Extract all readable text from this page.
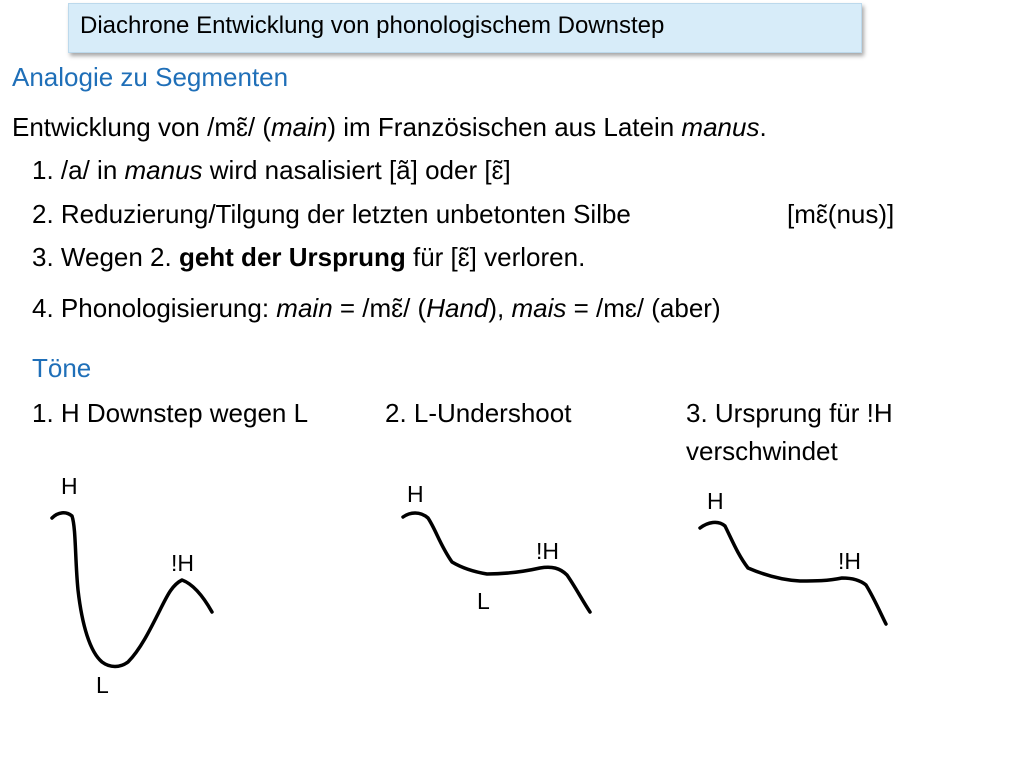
Diachrone Entwicklung von phonologischem Downstep
Analogie zu Segmenten
Entwicklung von /mɛ̃/ (main) im Französischen aus Latein manus.
1. /a/ in manus wird nasalisiert [ã] oder [ɛ̃]
2. Reduzierung/Tilgung der letzten unbetonten Silbe	[mɛ̃(nus)]
3. Wegen 2. geht der Ursprung für [ɛ̃] verloren.
4. Phonologisierung: main = /mɛ̃/ (Hand), mais = /mɛ/ (aber)
Töne
1. H Downstep wegen L	2. L-Undershoot	3. Ursprung für !H
verschwindet
H
!H
L
H
!H
L
H
!H
